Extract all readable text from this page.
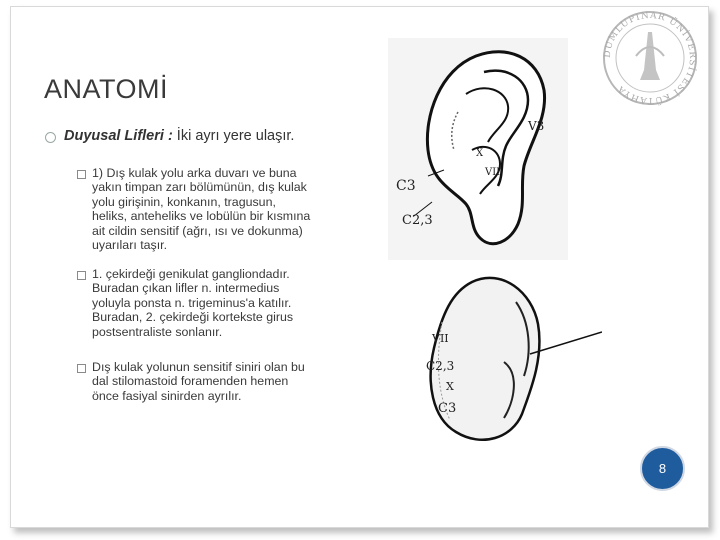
DUMLUPINAR ÜNİVERSİTESİ KÜTAHYA
ANATOMİ
Duyusal Lifleri : İki ayrı yere ulaşır.
1) Dış kulak yolu arka duvarı ve buna yakın timpan zarı bölümünün, dış kulak yolu girişinin, konkanın, tragusun, heliks, anteheliks ve lobülün bir kısmına ait cildin sensitif (ağrı, ısı ve dokunma) uyarıları taşır.
1. çekirdeği genikulat gangliondadır. Buradan çıkan lifler n. intermedius yoluyla ponsta n. trigeminus'a katılır. Buradan, 2. çekirdeği kortekste girus postsentraliste sonlanır.
Dış kulak yolunun sensitif siniri olan bu dal stilomastoid foramenden hemen önce fasiyal sinirden ayrılır.
V3
X
VII
C3
C2,3
VII
C2,3
X
C3
8
